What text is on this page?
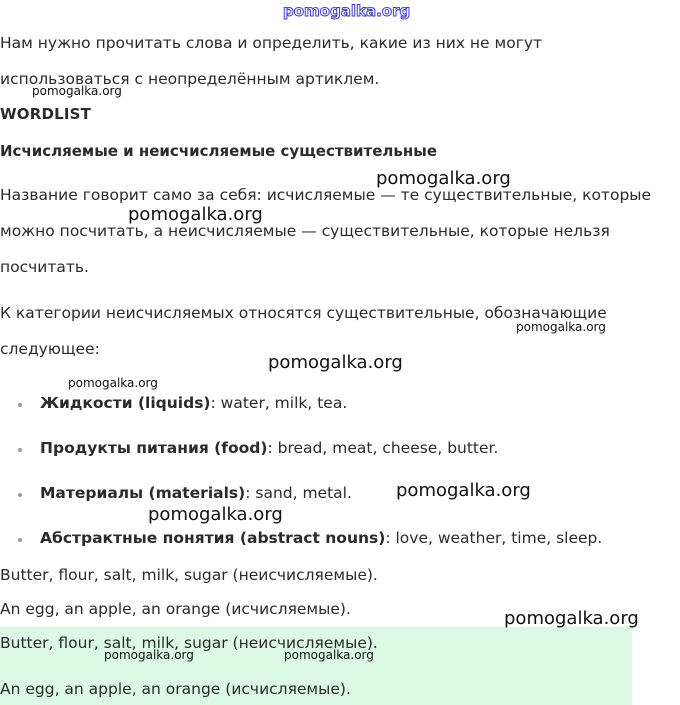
Нам нужно прочитать слова и определить, какие из них не могут
использоваться с неопределённым артиклем.
WORDLIST
Исчисляемые и неисчисляемые существительные
Название говорит само за себя: исчисляемые — те существительные, которые
можно посчитать, а неисчисляемые — существительные, которые нельзя
посчитать.
К категории неисчисляемых относятся существительные, обозначающие
следующее:
Жидкости (liquids): water, milk, tea.
Продукты питания (food): bread, meat, cheese, butter.
Материалы (materials): sand, metal.
Абстрактные понятия (abstract nouns): love, weather, time, sleep.
Butter, flour, salt, milk, sugar (неисчисляемые).
An egg, an apple, an orange (исчисляемые).
Butter, flour, salt, milk, sugar (неисчисляемые).
An egg, an apple, an orange (исчисляемые).
pomogalka.org
pomogalka.org
pomogalka.org
pomogalka.org
pomogalka.org
pomogalka.org
pomogalka.org
pomogalka.org
pomogalka.org
pomogalka.org
pomogalka.org	pomogalka.org
